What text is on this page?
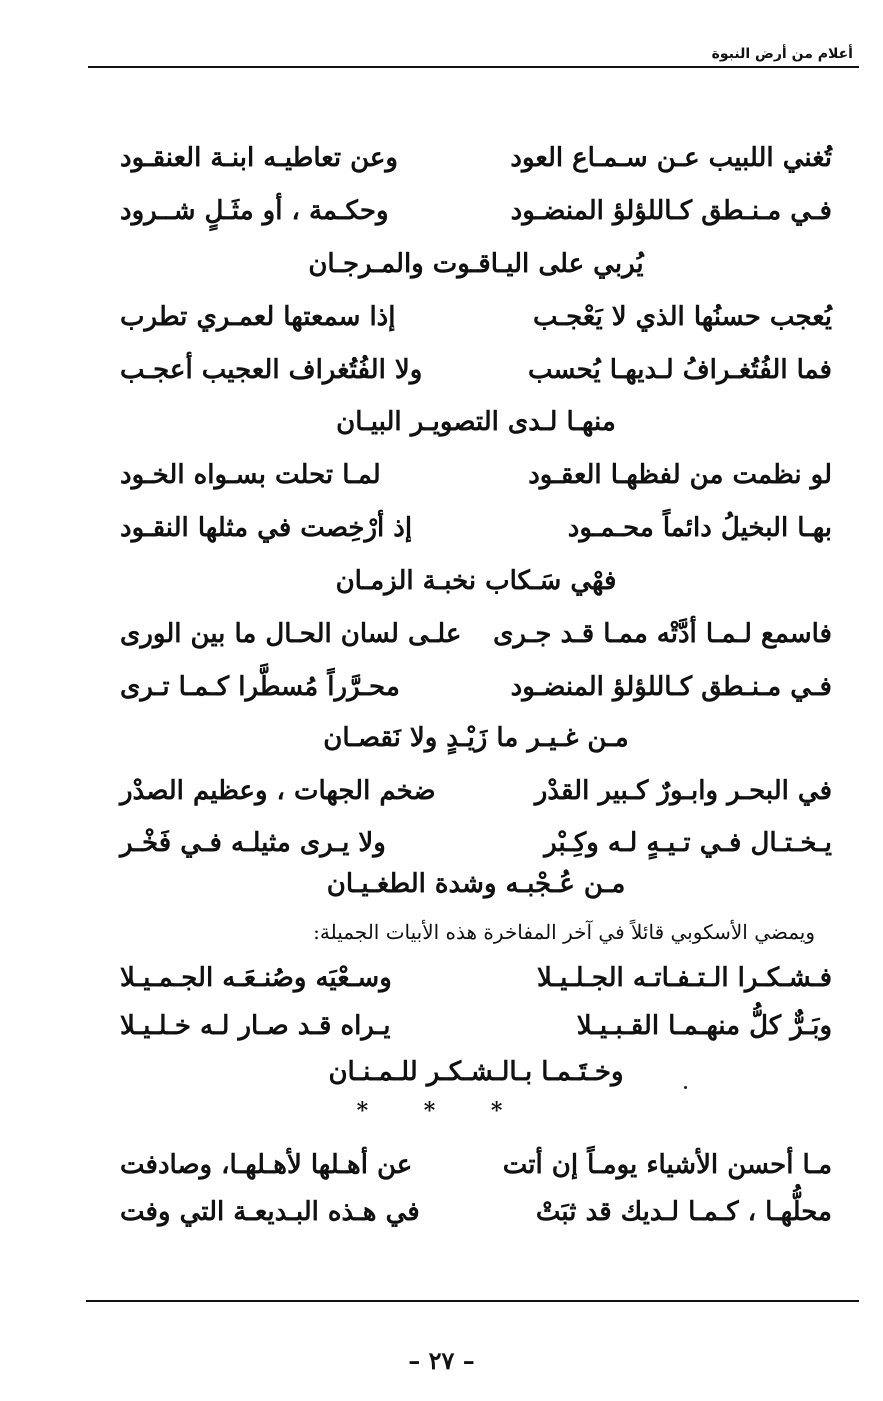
أعلام من أرض النبوة
تُغني اللبيب عـن سـمـاع العود
وعن تعاطيـه ابنـة العنقـود
فـي مـنـطق كـاللؤلؤ المنضـود
وحكـمة ، أو مثَـلٍ شــرود
يُربي على اليـاقـوت والمـرجـان
يُعجب حسنُها الذي لا يَعْجـب
إذا سمعتها لعمـري تطرب
فما الفُتُغـرافُ لـديهـا يُحسب
ولا الفُتُغراف العجيب أعجـب
منهـا لـدى التصويـر البيـان
لو نظمت من لفظهـا العقـود
لمـا تحلت بسـواه الخـود
بهـا البخيلُ دائماً محـمـود
إذ أرْخِصت في مثلها النقـود
فهْي سَـكاب نخبـة الزمـان
فاسمع لـمـا أدَّتْه ممـا قـد جـرى
علـى لسان الحـال ما بين الورى
فـي مـنـطق كـاللؤلؤ المنضـود
محـرَّراً مُسطَّرا كـمـا تـرى
مـن غـيـر ما زَيْـدٍ ولا نَقصـان
في البحـر وابـورٌ كـبير القدْر
ضخم الجهات ، وعظيم الصدْر
يـخـتـال فـي تـيـهٍ لـه وكِـبْر
ولا يـرى مثيلـه فـي فَخْـر
مـن عُـجْبـه وشدة الطغـيـان
ويمضي الأسكوبي قائلاً في آخر المفاخرة هذه الأبيات الجميلة:
فـشـكـرا الـتـفـاتـه الجـلـيـلا
وسـعْيَه وصُنـعَـه الجـمـيـلا
وبَـرٌّ كلُّ منهـمـا القـبـيـلا
يـراه قـد صـار لـه خـلـيـلا
وخـتَـمـا بـالـشـكـر للـمـنـان
* * *
مـا أحسن الأشياء يومـاً إن أتت
عن أهـلها لأهـلهـا، وصادفت
محلُّهـا ، كـمـا لـديك قد ثبَتْ
في هـذه البـديعـة التي وفت
– ٢٧ –
